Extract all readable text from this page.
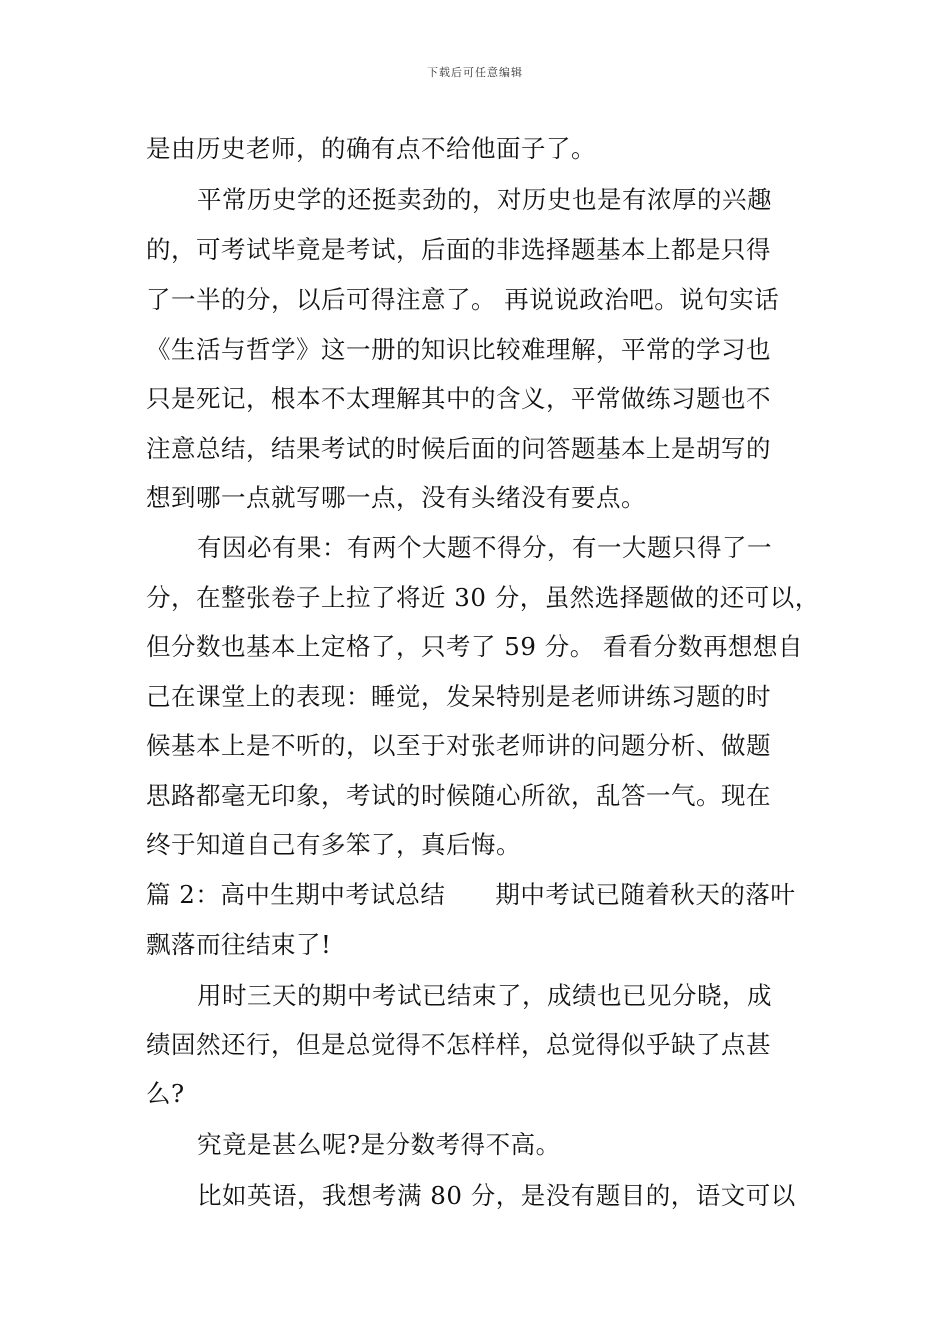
下载后可任意编辑
是由历史老师，的确有点不给他面子了。
平常历史学的还挺卖劲的，对历史也是有浓厚的兴趣
的，可考试毕竟是考试，后面的非选择题基本上都是只得
了一半的分，以后可得注意了。 再说说政治吧。说句实话
《生活与哲学》这一册的知识比较难理解，平常的学习也
只是死记，根本不太理解其中的含义，平常做练习题也不
注意总结，结果考试的时候后面的问答题基本上是胡写的
想到哪一点就写哪一点，没有头绪没有要点。
有因必有果：有两个大题不得分，有一大题只得了一
分，在整张卷子上拉了将近 30 分，虽然选择题做的还可以，
但分数也基本上定格了，只考了 59 分。 看看分数再想想自
己在课堂上的表现：睡觉，发呆特别是老师讲练习题的时
候基本上是不听的，以至于对张老师讲的问题分析、做题
思路都毫无印象，考试的时候随心所欲，乱答一气。现在
终于知道自己有多笨了，真后悔。
篇 2：高中生期中考试总结　　期中考试已随着秋天的落叶
飘落而往结束了!
用时三天的期中考试已结束了，成绩也已见分晓，成
绩固然还行，但是总觉得不怎样样，总觉得似乎缺了点甚
么?
究竟是甚么呢?是分数考得不高。
比如英语，我想考满 80 分，是没有题目的，语文可以
